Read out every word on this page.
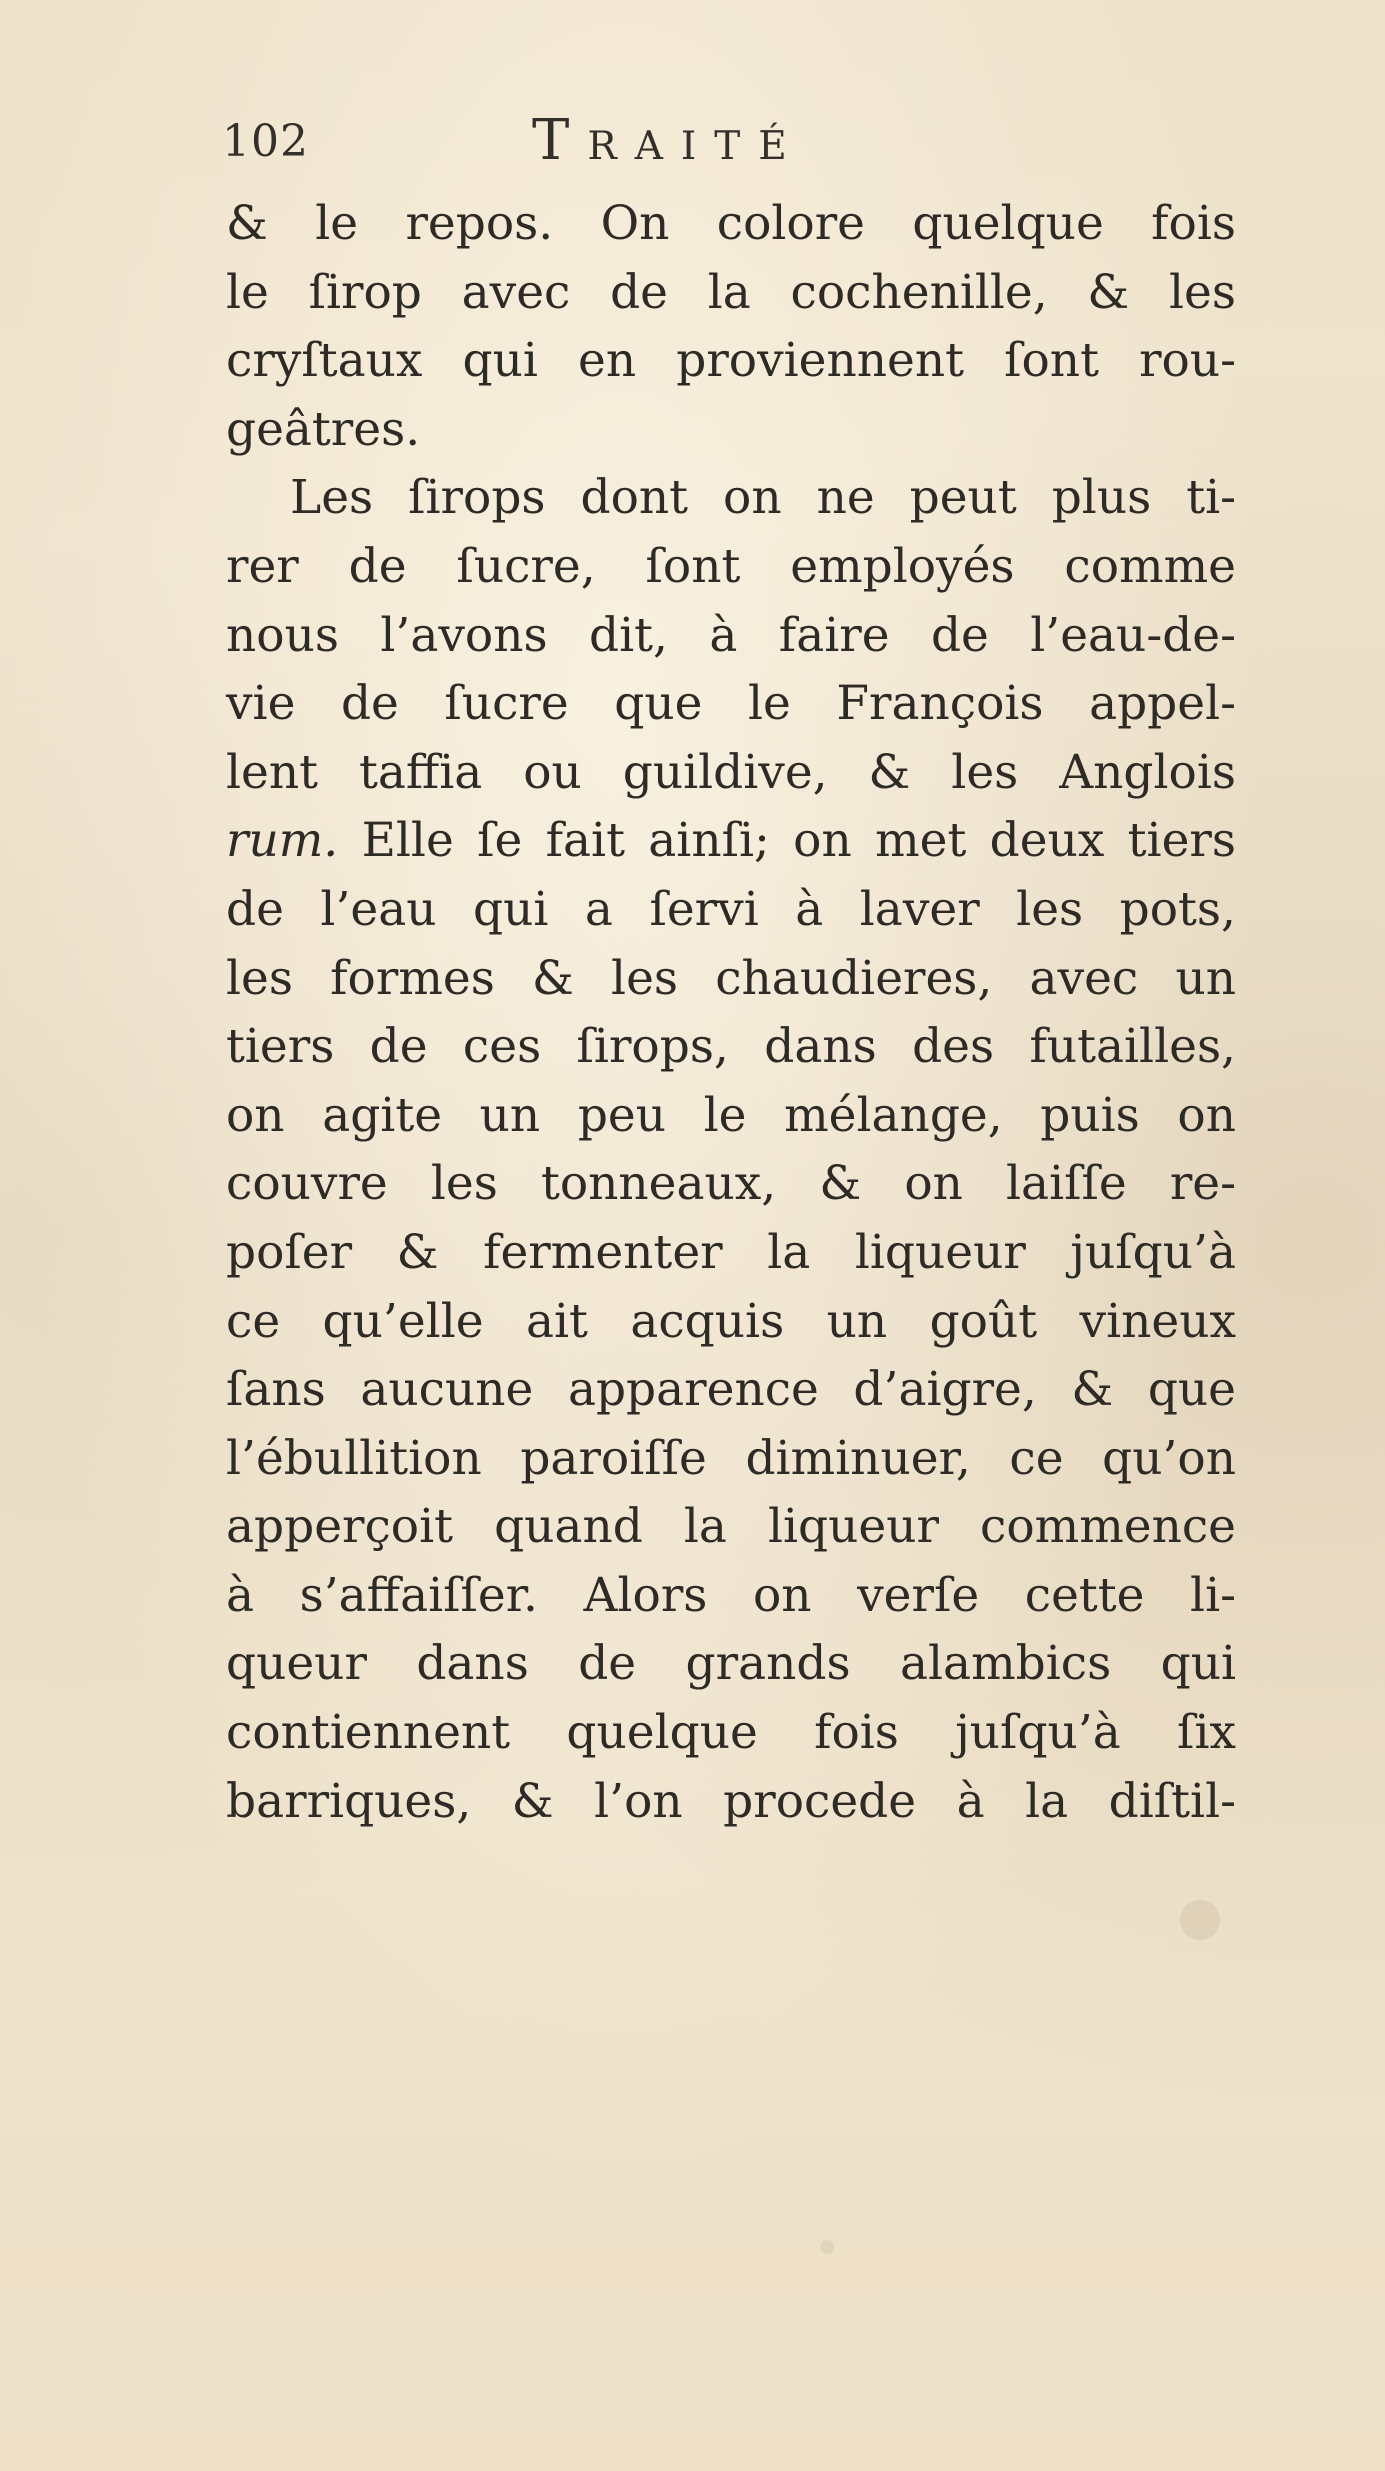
102	Traité
& le repos. On colore quelque fois
le ſirop avec de la cochenille, & les
cryſtaux qui en proviennent ſont rou-
geâtres.
Les ſirops dont on ne peut plus ti-
rer de ſucre, ſont employés comme
nous l’avons dit, à faire de l’eau-de-
vie de ſucre que le François appel-
lent taffia ou guildive, & les Anglois
rum. Elle ſe fait ainſi; on met deux tiers
de l’eau qui a ſervi à laver les pots,
les formes & les chaudieres, avec un
tiers de ces ſirops, dans des futailles,
on agite un peu le mélange, puis on
couvre les tonneaux, & on laiſſe re-
poſer & fermenter la liqueur juſqu’à
ce qu’elle ait acquis un goût vineux
ſans aucune apparence d’aigre, & que
l’ébullition paroiſſe diminuer, ce qu’on
apperçoit quand la liqueur commence
à s’affaiſſer. Alors on verſe cette li-
queur dans de grands alambics qui
contiennent quelque fois juſqu’à ſix
barriques, & l’on procede à la diſtil-
